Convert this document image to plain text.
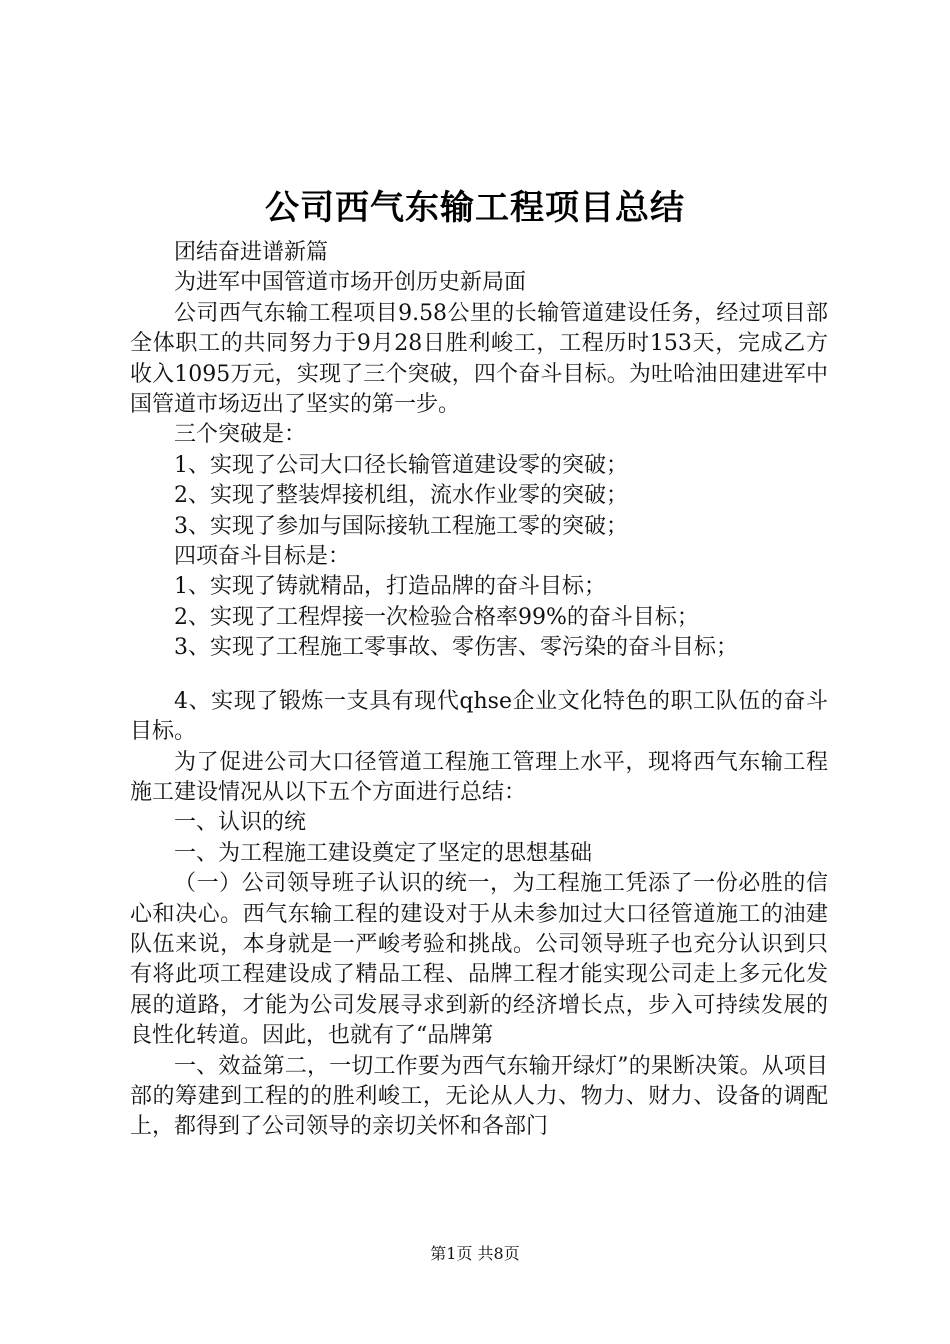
公司西气东输工程项目总结

团结奋进谱新篇

为进军中国管道市场开创历史新局面

公司西气东输工程项目9.58公里的长输管道建设任务，经过项目部全体职工的共同努力于9月28日胜利峻工，工程历时153天，完成乙方收入1095万元，实现了三个突破，四个奋斗目标。为吐哈油田建进军中国管道市场迈出了坚实的第一步。

三个突破是：

1、实现了公司大口径长输管道建设零的突破；

2、实现了整装焊接机组，流水作业零的突破；

3、实现了参加与国际接轨工程施工零的突破；

四项奋斗目标是：

1、实现了铸就精品，打造品牌的奋斗目标；

2、实现了工程焊接一次检验合格率99%的奋斗目标；

3、实现了工程施工零事故、零伤害、零污染的奋斗目标；

4、实现了锻炼一支具有现代qhse企业文化特色的职工队伍的奋斗目标。

为了促进公司大口径管道工程施工管理上水平，现将西气东输工程施工建设情况从以下五个方面进行总结：

一、认识的统

一、为工程施工建设奠定了坚定的思想基础

（一）公司领导班子认识的统一，为工程施工凭添了一份必胜的信心和决心。西气东输工程的建设对于从未参加过大口径管道施工的油建队伍来说，本身就是一严峻考验和挑战。公司领导班子也充分认识到只有将此项工程建设成了精品工程、品牌工程才能实现公司走上多元化发展的道路，才能为公司发展寻求到新的经济增长点，步入可持续发展的良性化转道。因此，也就有了“品牌第

一、效益第二，一切工作要为西气东输开绿灯”的果断决策。从项目部的筹建到工程的的胜利峻工，无论从人力、物力、财力、设备的调配上，都得到了公司领导的亲切关怀和各部门

第1页 共8页
